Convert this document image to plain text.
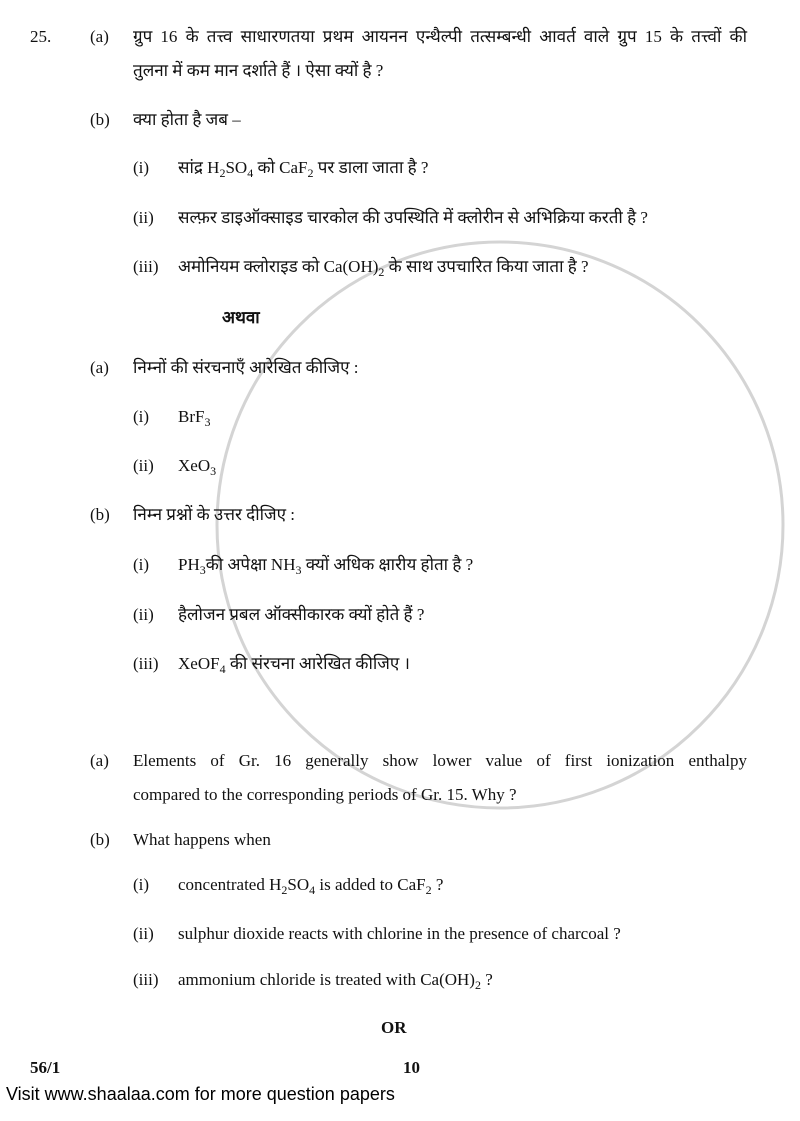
25.	(a)	ग्रुप 16 के तत्त्व साधारणतया प्रथम आयनन एन्थैल्पी तत्सम्बन्धी आवर्त वाले ग्रुप 15 के तत्त्वों की
तुलना में कम मान दर्शाते हैं । ऐसा क्यों है ?
(b)	क्या होता है जब –
(i)	सांद्र $H_2SO_4$ को CaF$_2$ पर डाला जाता है ?
(ii)	सल्फ़र डाइऑक्साइड चारकोल की उपस्थिति में क्लोरीन से अभिक्रिया करती है ?
(iii)	अमोनियम क्लोराइड को $Ca(OH)_2$ के साथ उपचारित किया जाता है ?
अथवा
(a)	निम्नों की संरचनाएँ आरेखित कीजिए :
(i)	BrF$_3$
(ii)	XeO$_3$
(b)	निम्न प्रश्नों के उत्तर दीजिए :
(i)	$PH_3की$ अपेक्षा $NH_3$ क्यों अधिक क्षारीय होता है ?
(ii)	हैलोजन प्रबल ऑक्सीकारक क्यों होते हैं ?
(iii)	XeOF$_4$ की संरचना आरेखित कीजिए ।
(a)	Elements of Gr. 16 generally show lower value of first ionization enthalpy
compared to the corresponding periods of Gr. 15. Why ?
(b)	What happens when
(i)	concentrated $H_2SO_4$ is added to CaF$_2$ ?
(ii)	sulphur dioxide reacts with chlorine in the presence of charcoal ?
(iii)	ammonium chloride is treated with $Ca(OH)_2$ ?
OR
56/1	10
Visit www.shaalaa.com for more question papers
